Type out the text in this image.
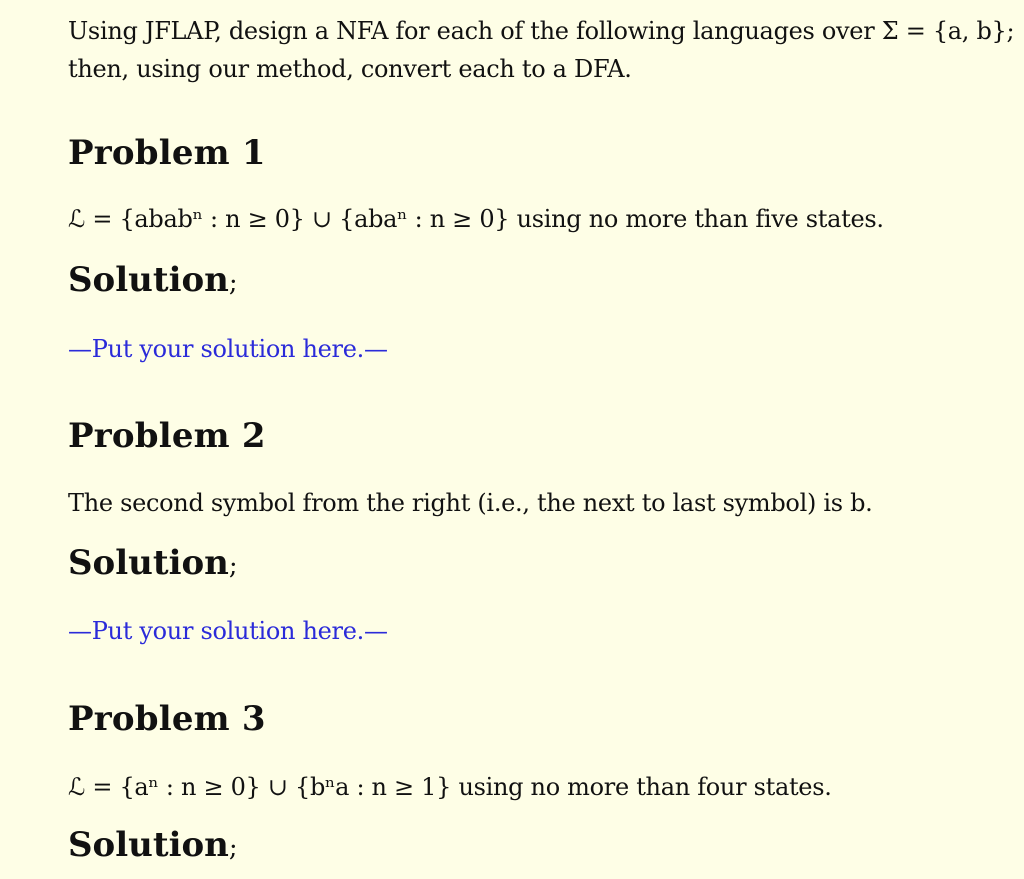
Using JFLAP, design a NFA for each of the following languages over Σ = {a, b};
then, using our method, convert each to a DFA.
Problem 1
ℒ = {ababⁿ : n ≥ 0} ∪ {abaⁿ : n ≥ 0} using no more than five states.
Solution;
—Put your solution here.—
Problem 2
The second symbol from the right (i.e., the next to last symbol) is b.
Solution;
—Put your solution here.—
Problem 3
ℒ = {aⁿ : n ≥ 0} ∪ {bⁿa : n ≥ 1} using no more than four states.
Solution;
